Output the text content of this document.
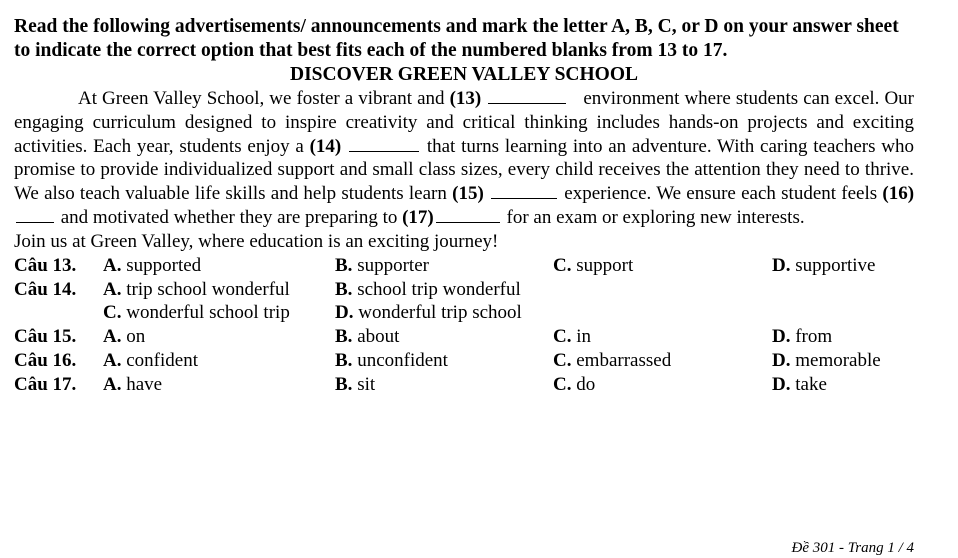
Read the following advertisements/ announcements and mark the letter A, B, C, or D on your answer sheet to indicate the correct option that best fits each of the numbered blanks from 13 to 17.

DISCOVER GREEN VALLEY SCHOOL

At Green Valley School, we foster a vibrant and (13)	environment where students can excel. Our engaging curriculum designed to inspire creativity and critical thinking includes hands-on projects and exciting activities. Each year, students enjoy a (14)	that turns learning into an adventure. With caring teachers who promise to provide individualized support and small class sizes, every child receives the attention they need to thrive. We also teach valuable life skills and help students learn (15)	experience. We ensure each student feels (16)  and motivated whether they are preparing to (17)	for an exam or exploring new interests.

Join us at Green Valley, where education is an exciting journey!

Câu 13. A. supported	B. supporter	C. support	D. supportive
Câu 14. A. trip school wonderful B. school trip wonderful
C. wonderful school trip D. wonderful trip school
Câu 15. A. on	B. about	C. in	D. from
Câu 16. A. confident	B. unconfident	C. embarrassed	D. memorable
Câu 17. A. have	B. sit	C. do	D. take
Đề 301 - Trang 1 / 4
